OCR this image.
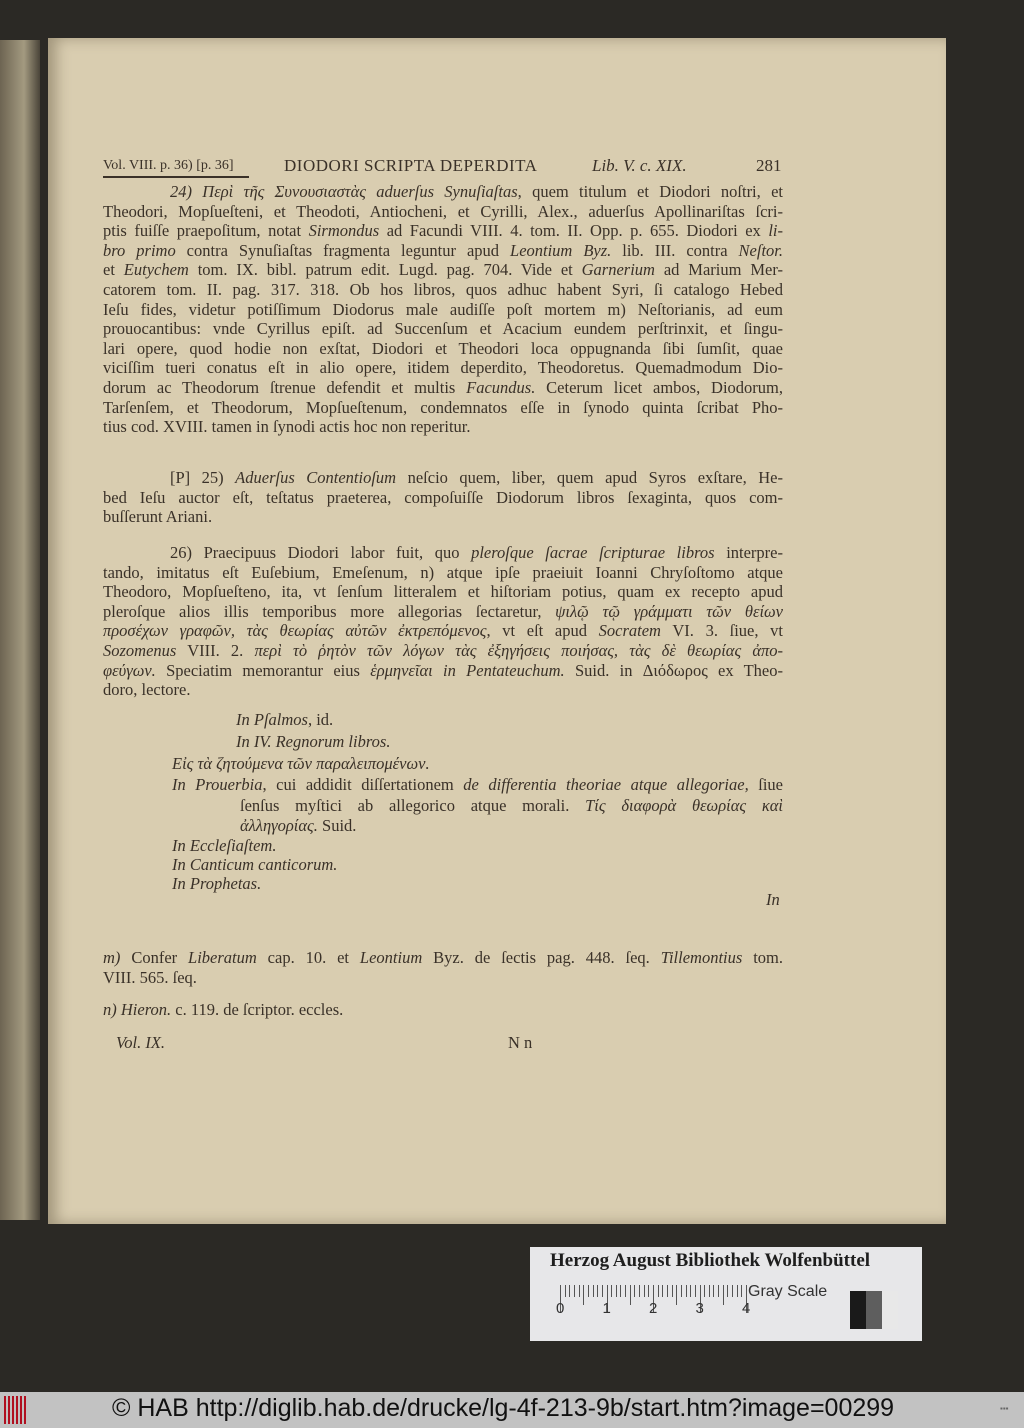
Vol. VIII. p. 36) [p. 36]	DIODORI SCRIPTA DEPERDITA	Lib. V. c. XIX.	281
24) Περὶ τῆς Συνουσιαστὰς aduerſus Synuſiaſtas, quem titulum et Diodori noſtri, et
Theodori, Mopſueſteni, et Theodoti, Antiocheni, et Cyrilli, Alex., aduerſus Apollinariſtas ſcri-
ptis fuiſſe praepoſitum, notat Sirmondus ad Facundi VIII. 4. tom. II. Opp. p. 655. Diodori ex li-
bro primo contra Synuſiaſtas fragmenta leguntur apud Leontium Byz. lib. III. contra Neſtor.
et Eutychem tom. IX. bibl. patrum edit. Lugd. pag. 704. Vide et Garnerium ad Marium Mer-
catorem tom. II. pag. 317. 318. Ob hos libros, quos adhuc habent Syri, ſi catalogo Hebed
Ieſu fides, videtur potiſſimum Diodorus male audiſſe poſt mortem m) Neſtorianis, ad eum
prouocantibus: vnde Cyrillus epiſt. ad Succenſum et Acacium eundem perſtrinxit, et ſingu-
lari opere, quod hodie non exſtat, Diodori et Theodori loca oppugnanda ſibi ſumſit, quae
viciſſim tueri conatus eſt in alio opere, itidem deperdito, Theodoretus. Quemadmodum Dio-
dorum ac Theodorum ſtrenue defendit et multis Facundus. Ceterum licet ambos, Diodorum,
Tarſenſem, et Theodorum, Mopſueſtenum, condemnatos eſſe in ſynodo quinta ſcribat Pho-
tius cod. XVIII. tamen in ſynodi actis hoc non reperitur.
[P] 25) Aduerſus Contentioſum neſcio quem, liber, quem apud Syros exſtare, He-
bed Ieſu auctor eſt, teſtatus praeterea, compoſuiſſe Diodorum libros ſexaginta, quos com-
buſſerunt Ariani.
26) Praecipuus Diodori labor fuit, quo pleroſque ſacrae ſcripturae libros interpre-
tando, imitatus eſt Euſebium, Emeſenum, n) atque ipſe praeiuit Ioanni Chryſoſtomo atque
Theodoro, Mopſueſteno, ita, vt ſenſum litteralem et hiſtoriam potius, quam ex recepto apud
pleroſque alios illis temporibus more allegorias ſectaretur, ψιλῷ τῷ γράμματι τῶν θείων
προσέχων γραφῶν, τὰς θεωρίας αὐτῶν ἐκτρεπόμενος, vt eſt apud Socratem VI. 3. ſiue, vt
Sozomenus VIII. 2. περὶ τὸ ῥητὸν τῶν λόγων τὰς ἐξηγήσεις ποιήσας, τὰς δὲ θεωρίας ἀπο-
φεύγων. Speciatim memorantur eius ἑρμηνεῖαι in Pentateuchum. Suid. in Διόδωρος ex Theo-
doro, lectore.
In Pſalmos, id.
In IV. Regnorum libros.
Εἰς τὰ ζητούμενα τῶν παραλειπομένων.
In Prouerbia, cui addidit diſſertationem de differentia theoriae atque allegoriae, ſiue
ſenſus myſtici ab allegorico atque morali. Τίς διαφορὰ θεωρίας καὶ
ἀλληγορίας. Suid.
In Eccleſiaſtem.
In Canticum canticorum.
In Prophetas.
In
m) Confer Liberatum cap. 10. et Leontium Byz. de ſectis pag. 448. ſeq. Tillemontius tom.
VIII. 565. ſeq.
n) Hieron. c. 119. de ſcriptor. eccles.
Vol. IX.	N n
Herzog August Bibliothek Wolfenbüttel
0	1	2	3	4
Gray Scale
© HAB http://diglib.hab.de/drucke/lg-4f-213-9b/start.htm?image=00299	▪▪▪
